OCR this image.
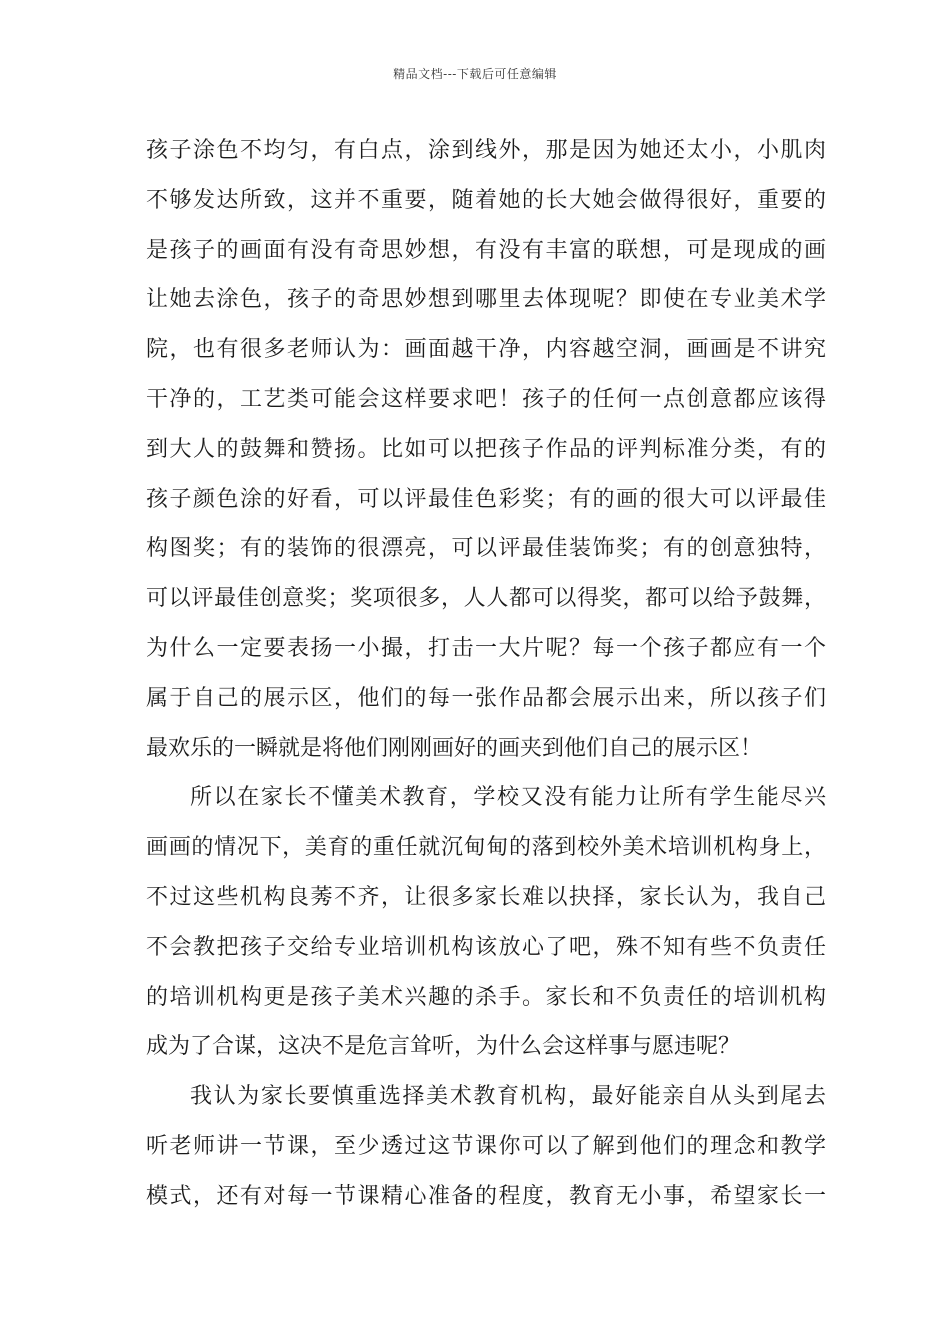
精品文档---下载后可任意编辑
孩子涂色不均匀，有白点，涂到线外，那是因为她还太小，小肌肉
不够发达所致，这并不重要，随着她的长大她会做得很好，重要的
是孩子的画面有没有奇思妙想，有没有丰富的联想，可是现成的画
让她去涂色，孩子的奇思妙想到哪里去体现呢？即使在专业美术学
院，也有很多老师认为：画面越干净，内容越空洞，画画是不讲究
干净的，工艺类可能会这样要求吧！孩子的任何一点创意都应该得
到大人的鼓舞和赞扬。比如可以把孩子作品的评判标准分类，有的
孩子颜色涂的好看，可以评最佳色彩奖；有的画的很大可以评最佳
构图奖；有的装饰的很漂亮，可以评最佳装饰奖；有的创意独特，
可以评最佳创意奖；奖项很多，人人都可以得奖，都可以给予鼓舞，
为什么一定要表扬一小撮，打击一大片呢？每一个孩子都应有一个
属于自己的展示区，他们的每一张作品都会展示出来，所以孩子们
最欢乐的一瞬就是将他们刚刚画好的画夹到他们自己的展示区！
所以在家长不懂美术教育，学校又没有能力让所有学生能尽兴
画画的情况下，美育的重任就沉甸甸的落到校外美术培训机构身上，
不过这些机构良莠不齐，让很多家长难以抉择，家长认为，我自己
不会教把孩子交给专业培训机构该放心了吧，殊不知有些不负责任
的培训机构更是孩子美术兴趣的杀手。家长和不负责任的培训机构
成为了合谋，这决不是危言耸听，为什么会这样事与愿违呢？
我认为家长要慎重选择美术教育机构，最好能亲自从头到尾去
听老师讲一节课，至少透过这节课你可以了解到他们的理念和教学
模式，还有对每一节课精心准备的程度，教育无小事，希望家长一
